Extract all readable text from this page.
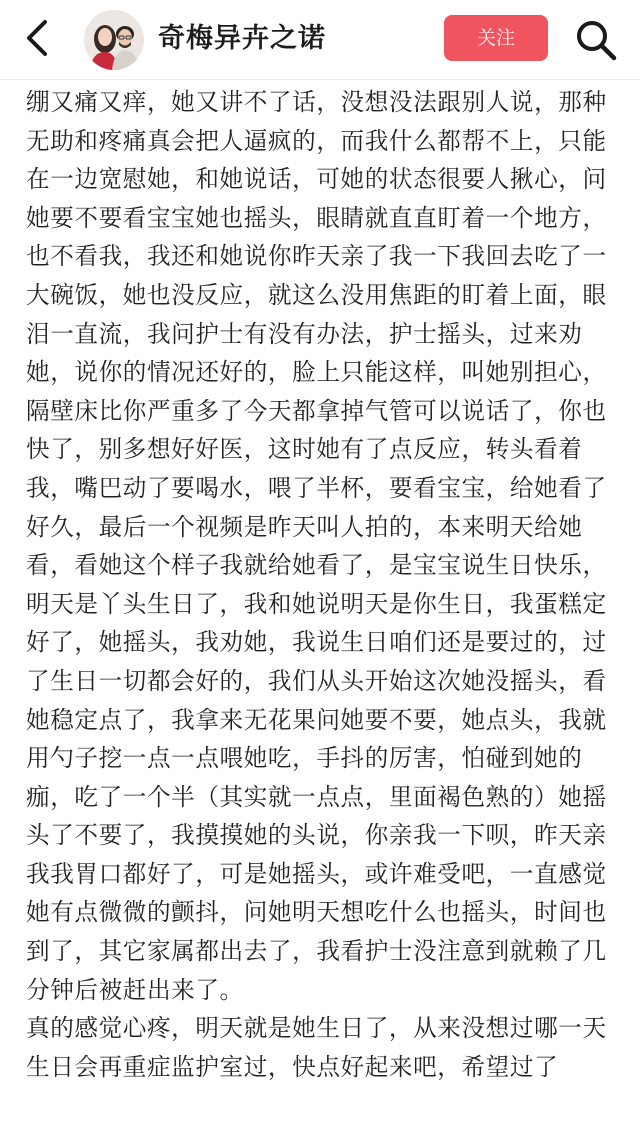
奇梅异卉之诺	关注

绷又痛又痒，她又讲不了话，没想没法跟别人说，那种无助和疼痛真会把人逼疯的，而我什么都帮不上，只能在一边宽慰她，和她说话，可她的状态很要人揪心，问她要不要看宝宝她也摇头，眼睛就直直盯着一个地方，也不看我，我还和她说你昨天亲了我一下我回去吃了一大碗饭，她也没反应，就这么没用焦距的盯着上面，眼泪一直流，我问护士有没有办法，护士摇头，过来劝她，说你的情况还好的，脸上只能这样，叫她别担心，隔壁床比你严重多了今天都拿掉气管可以说话了，你也快了，别多想好好医，这时她有了点反应，转头看着我，嘴巴动了要喝水，喂了半杯，要看宝宝，给她看了好久，最后一个视频是昨天叫人拍的，本来明天给她看，看她这个样子我就给她看了，是宝宝说生日快乐，明天是丫头生日了，我和她说明天是你生日，我蛋糕定好了，她摇头，我劝她，我说生日咱们还是要过的，过了生日一切都会好的，我们从头开始这次她没摇头，看她稳定点了，我拿来无花果问她要不要，她点头，我就用勺子挖一点一点喂她吃，手抖的厉害，怕碰到她的痂，吃了一个半（其实就一点点，里面褐色熟的）她摇头了不要了，我摸摸她的头说，你亲我一下呗，昨天亲我我胃口都好了，可是她摇头，或许难受吧，一直感觉她有点微微的颤抖，问她明天想吃什么也摇头，时间也到了，其它家属都出去了，我看护士没注意到就赖了几分钟后被赶出来了。

真的感觉心疼，明天就是她生日了，从来没想过哪一天生日会再重症监护室过，快点好起来吧，希望过了
